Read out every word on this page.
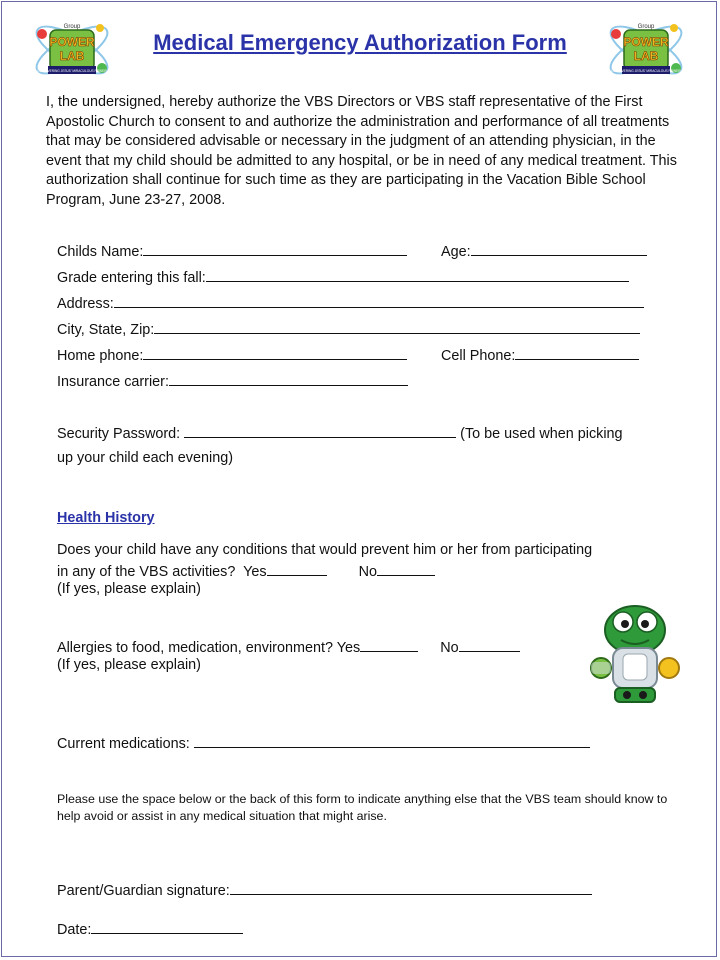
Group
POWER
LAB
DISCOVERING JESUS' MIRACULOUS POWER
Group
POWER
LAB
DISCOVERING JESUS' MIRACULOUS POWER
Medical Emergency Authorization Form

I, the undersigned, hereby authorize the VBS Directors or VBS staff representative of the First Apostolic Church to consent to and authorize the administration and performance of all treatments that may be considered advisable or necessary in the judgment of an attending physician, in the event that my child should be admitted to any hospital, or be in need of any medical treatment. This authorization shall continue for such time as they are participating in the Vacation Bible School Program, June 23-27, 2008.

Childs Name:	Age:
Grade entering this fall:
Address:
City, State, Zip:
Home phone:	Cell Phone:
Insurance carrier:
Security Password:	(To be used when picking
up your child each evening)
Health History
Does your child have any conditions that would prevent him or her from participating
in any of the VBS activities?  Yes	No
(If yes, please explain)
Allergies to food, medication, environment? Yes	No
(If yes, please explain)
Current medications:

Please use the space below or the back of this form to indicate anything else that the VBS team should know to help avoid or assist in any medical situation that might arise.

Parent/Guardian signature:
Date:
